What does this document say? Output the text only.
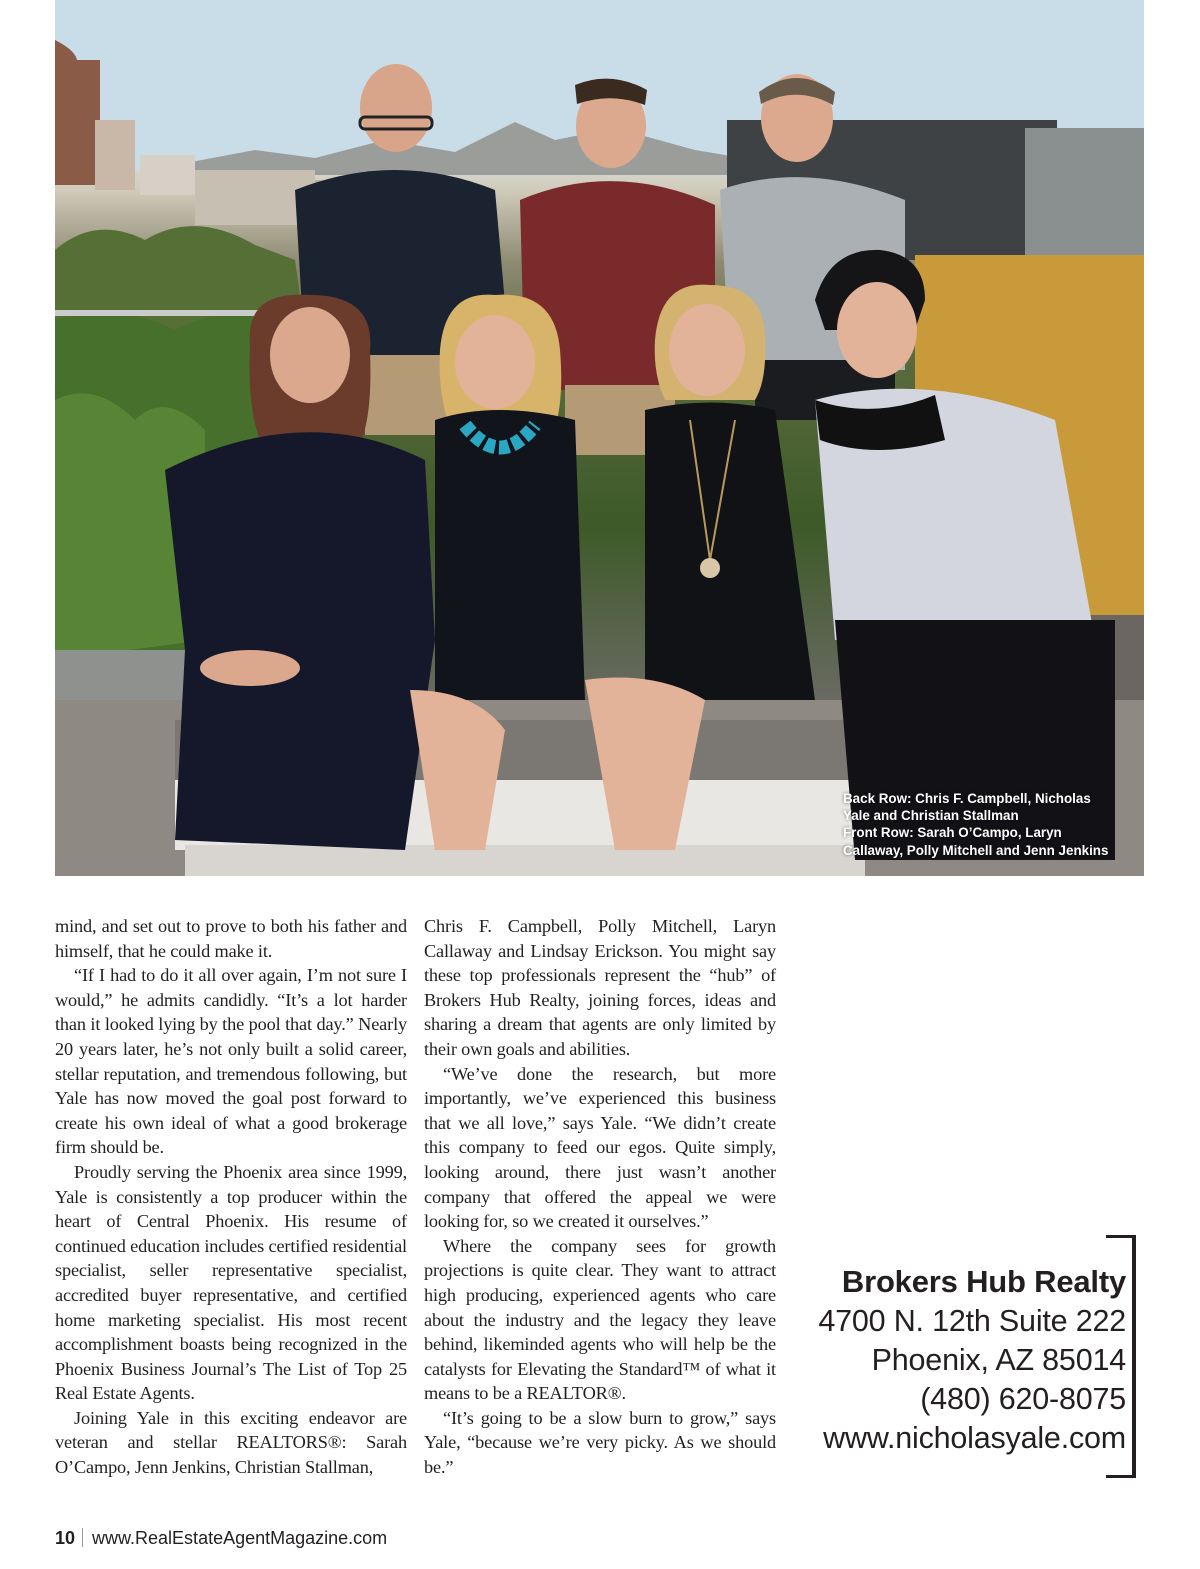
Back Row: Chris F. Campbell, Nicholas
Yale and Christian Stallman
Front Row: Sarah O’Campo, Laryn
Callaway, Polly Mitchell and Jenn Jenkins

mind, and set out to prove to both his father and himself, that he could make it.

“If I had to do it all over again, I’m not sure I would,” he admits candidly. “It’s a lot harder than it looked lying by the pool that day.” Nearly 20 years later, he’s not only built a solid career, stellar reputation, and tremendous following, but Yale has now moved the goal post forward to create his own ideal of what a good brokerage firm should be.

Proudly serving the Phoenix area since 1999, Yale is consistently a top producer within the heart of Central Phoenix. His resume of continued education includes certified residential specialist, seller representative specialist, accredited buyer representative, and certified home marketing specialist. His most recent accomplishment boasts being recognized in the Phoenix Business Journal’s The List of Top 25 Real Estate Agents.

Joining Yale in this exciting endeavor are veteran and stellar REALTORS®: Sarah O’Campo, Jenn Jenkins, Christian Stallman,

Chris F. Campbell, Polly Mitchell, Laryn Callaway and Lindsay Erickson. You might say these top professionals represent the “hub” of Brokers Hub Realty, joining forces, ideas and sharing a dream that agents are only limited by their own goals and abilities.

“We’ve done the research, but more importantly, we’ve experienced this business that we all love,” says Yale. “We didn’t create this company to feed our egos. Quite simply, looking around, there just wasn’t another company that offered the appeal we were looking for, so we created it ourselves.”

Where the company sees for growth projections is quite clear. They want to attract high producing, experienced agents who care about the industry and the legacy they leave behind, likeminded agents who will help be the catalysts for Elevating the Standard™ of what it means to be a REALTOR®.

“It’s going to be a slow burn to grow,” says Yale, “because we’re very picky. As we should be.”

Brokers Hub Realty
4700 N. 12th Suite 222
Phoenix, AZ 85014
(480) 620-8075
www.nicholasyale.com
10 www.RealEstateAgentMagazine.com
